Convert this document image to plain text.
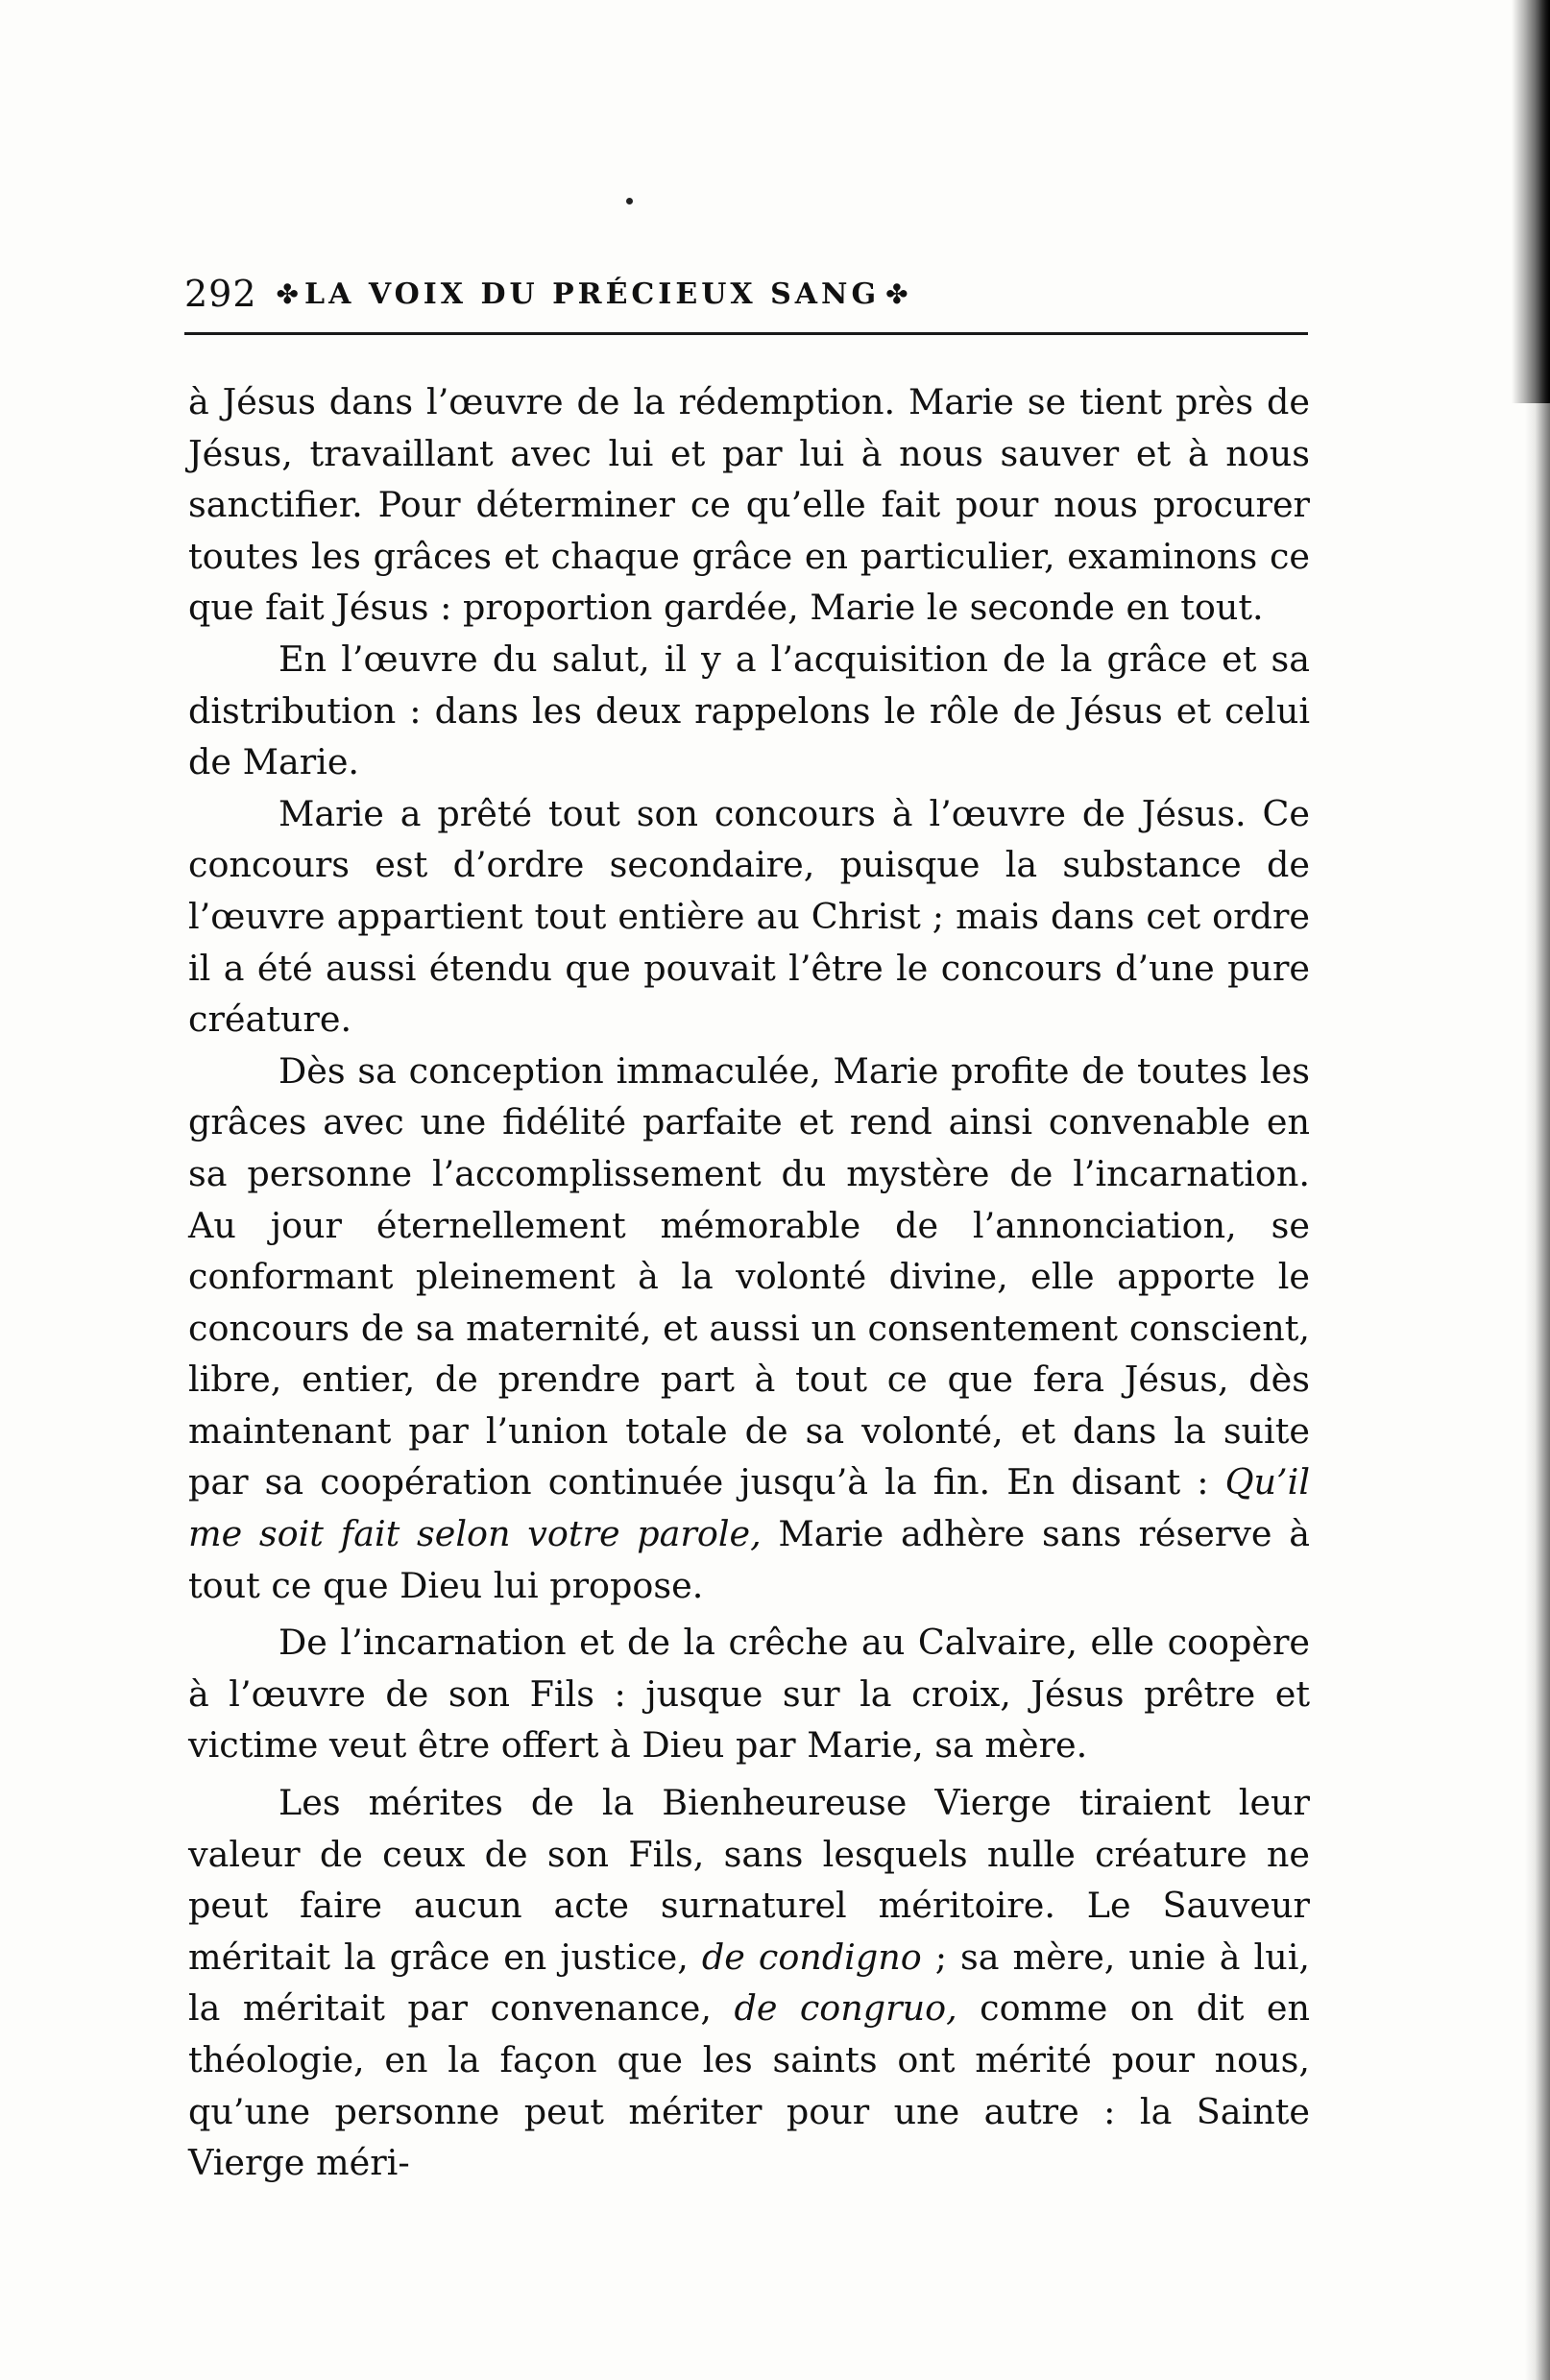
292 ✤ LA VOIX DU PRÉCIEUX SANG ✤

à Jésus dans l’œuvre de la rédemption. Marie se tient près de Jésus, travaillant avec lui et par lui à nous sauver et à nous sanctifier. Pour déterminer ce qu’elle fait pour nous procurer toutes les grâces et chaque grâce en particulier, examinons ce que fait Jésus : proportion gardée, Marie le seconde en tout.

En l’œuvre du salut, il y a l’acquisition de la grâce et sa distribution : dans les deux rappelons le rôle de Jésus et celui de Marie.

Marie a prêté tout son concours à l’œuvre de Jésus. Ce concours est d’ordre secondaire, puisque la substance de l’œuvre appartient tout entière au Christ ; mais dans cet ordre il a été aussi étendu que pouvait l’être le concours d’une pure créature.

Dès sa conception immaculée, Marie profite de toutes les grâces avec une fidélité parfaite et rend ainsi convenable en sa personne l’accomplissement du mystère de l’incarnation. Au jour éternellement mémorable de l’annonciation, se conformant pleinement à la volonté divine, elle apporte le concours de sa maternité, et aussi un consentement conscient, libre, entier, de prendre part à tout ce que fera Jésus, dès maintenant par l’union totale de sa volonté, et dans la suite par sa coopération continuée jusqu’à la fin. En disant : Qu’il me soit fait selon votre parole, Marie adhère sans réserve à tout ce que Dieu lui propose.

De l’incarnation et de la crêche au Calvaire, elle coopère à l’œuvre de son Fils : jusque sur la croix, Jésus prêtre et victime veut être offert à Dieu par Marie, sa mère.

Les mérites de la Bienheureuse Vierge tiraient leur valeur de ceux de son Fils, sans lesquels nulle créature ne peut faire aucun acte surnaturel méritoire. Le Sauveur méritait la grâce en justice, de condigno ; sa mère, unie à lui, la méritait par convenance, de congruo, comme on dit en théologie, en la façon que les saints ont mérité pour nous, qu’une personne peut mériter pour une autre : la Sainte Vierge méri-
